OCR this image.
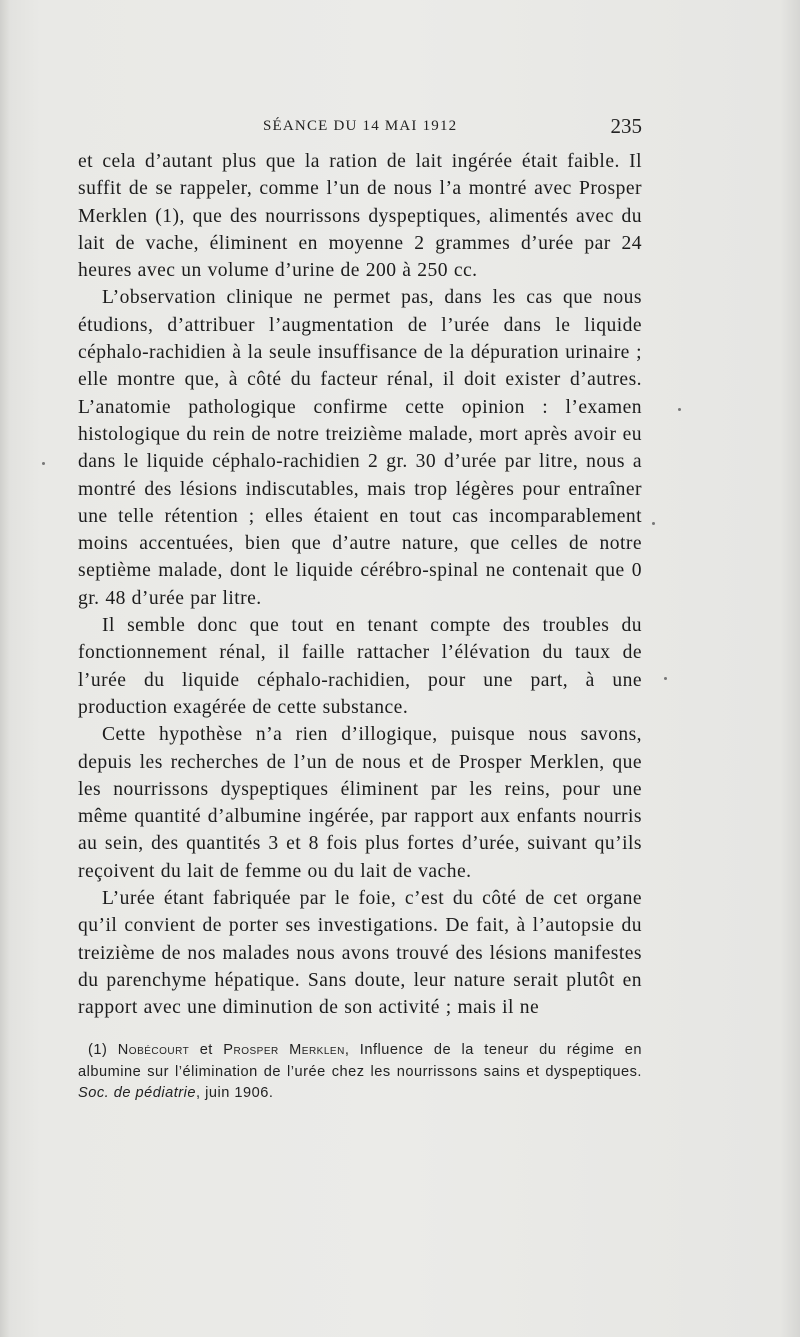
SÉANCE DU 14 MAI 1912	235

et cela d’autant plus que la ration de lait ingérée était faible. Il suffit de se rappeler, comme l’un de nous l’a montré avec Prosper Merklen (1), que des nourrissons dyspeptiques, alimentés avec du lait de vache, éliminent en moyenne 2 grammes d’urée par 24 heures avec un volume d’urine de 200 à 250 cc.

L’observation clinique ne permet pas, dans les cas que nous étudions, d’attribuer l’augmentation de l’urée dans le liquide céphalo-rachidien à la seule insuffisance de la dépuration urinaire ; elle montre que, à côté du facteur rénal, il doit exister d’autres. L’anatomie pathologique confirme cette opinion : l’examen histologique du rein de notre treizième malade, mort après avoir eu dans le liquide céphalo-rachidien 2 gr. 30 d’urée par litre, nous a montré des lésions indiscutables, mais trop légères pour entraîner une telle rétention ; elles étaient en tout cas incomparablement moins accentuées, bien que d’autre nature, que celles de notre septième malade, dont le liquide cérébro-spinal ne contenait que 0 gr. 48 d’urée par litre.

Il semble donc que tout en tenant compte des troubles du fonctionnement rénal, il faille rattacher l’élévation du taux de l’urée du liquide céphalo-rachidien, pour une part, à une production exagérée de cette substance.

Cette hypothèse n’a rien d’illogique, puisque nous savons, depuis les recherches de l’un de nous et de Prosper Merklen, que les nourrissons dyspeptiques éliminent par les reins, pour une même quantité d’albumine ingérée, par rapport aux enfants nourris au sein, des quantités 3 et 8 fois plus fortes d’urée, suivant qu’ils reçoivent du lait de femme ou du lait de vache.

L’urée étant fabriquée par le foie, c’est du côté de cet organe qu’il convient de porter ses investigations. De fait, à l’autopsie du treizième de nos malades nous avons trouvé des lésions manifestes du parenchyme hépatique. Sans doute, leur nature serait plutôt en rapport avec une diminution de son activité ; mais il ne

(1) Nobécourt et Prosper Merklen, Influence de la teneur du régime en albumine sur l’élimination de l’urée chez les nourrissons sains et dyspeptiques. Soc. de pédiatrie, juin 1906.
